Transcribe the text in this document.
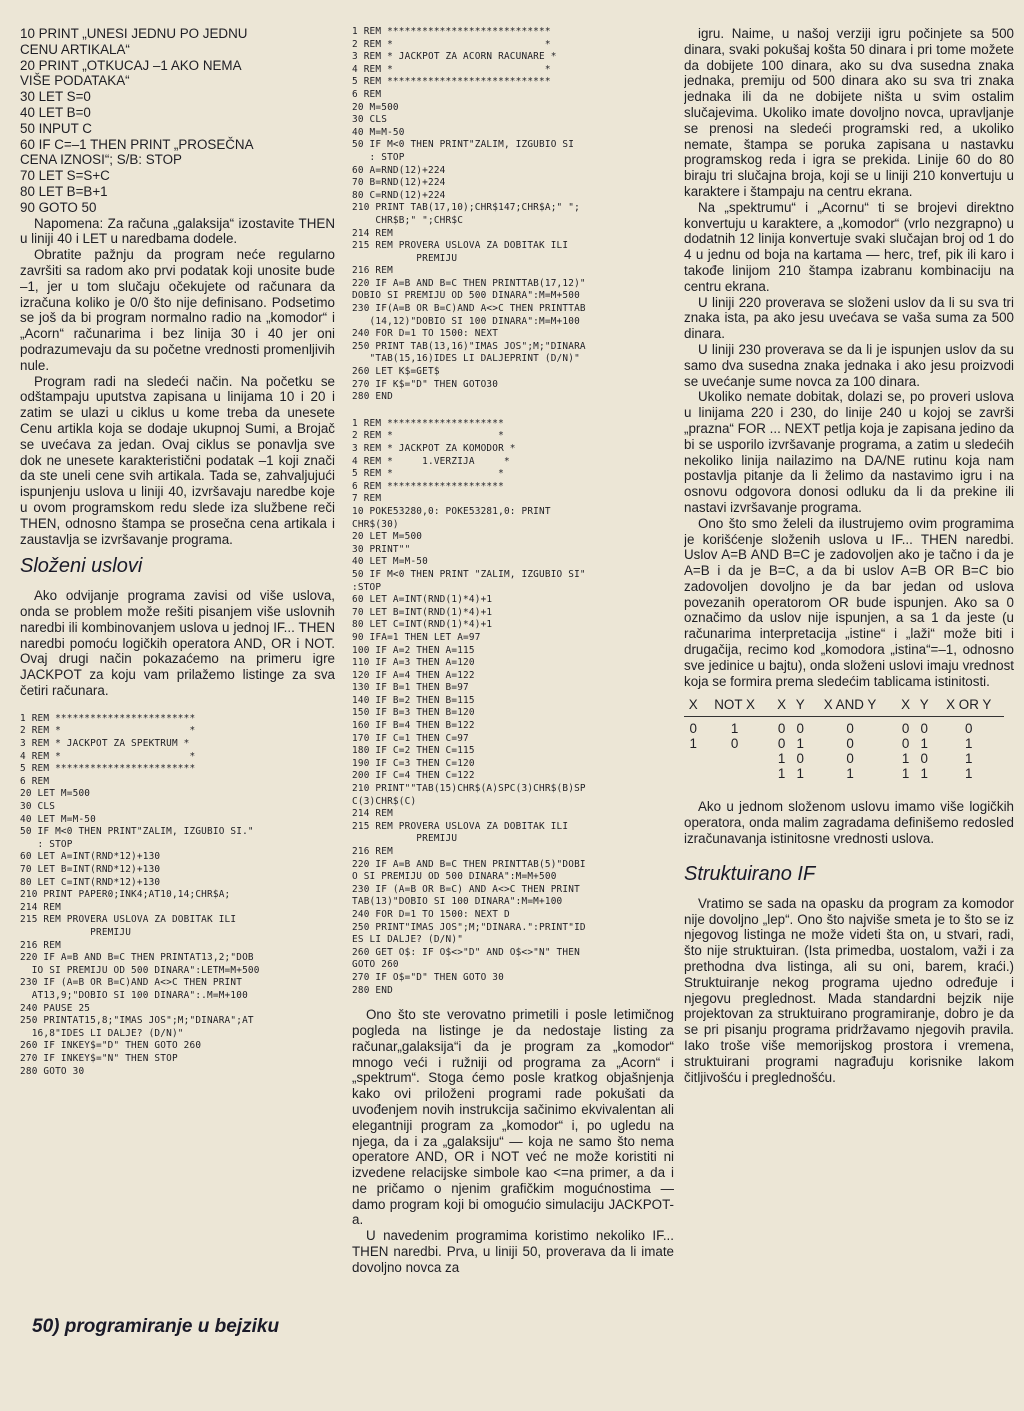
10 PRINT „UNESI JEDNU PO JEDNU
CENU ARTIKALA“
20 PRINT „OTKUCAJ –1 AKO NEMA
VIŠE PODATAKA“
30 LET S=0
40 LET B=0
50 INPUT C
60 IF C=–1 THEN PRINT „PROSEČNA
CENA IZNOSI“; S/B: STOP
70 LET S=S+C
80 LET B=B+1
90 GOTO 50

Napomena: Za računa „galaksija“ izostavite THEN u liniji 40 i LET u naredbama dodele.

Obratite pažnju da program neće regularno završiti sa radom ako prvi podatak koji unosite bude –1, jer u tom slučaju očekujete od računara da izračuna koliko je 0/0 što nije definisano. Podsetimo se još da bi program normalno radio na „komodor“ i „Acorn“ računarima i bez linija 30 i 40 jer oni podrazumevaju da su početne vrednosti promenljivih nule.

Program radi na sledeći način. Na početku se odštampaju uputstva zapisana u linijama 10 i 20 i zatim se ulazi u ciklus u kome treba da unesete Cenu artikla koja se dodaje ukupnoj Sumi, a Brojač se uvećava za jedan. Ovaj ciklus se ponavlja sve dok ne unesete karakteristični podatak –1 koji znači da ste uneli cene svih artikala. Tada se, zahvaljujući ispunjenju uslova u liniji 40, izvršavaju naredbe koje u ovom programskom redu slede iza službene reči THEN, odnosno štampa se prosečna cena artikala i zaustavlja se izvršavanje programa.

Složeni uslovi

Ako odvijanje programa zavisi od više uslova, onda se problem može rešiti pisanjem više uslovnih naredbi ili kombinovanjem uslova u jednoj IF... THEN naredbi pomoću logičkih operatora AND, OR i NOT. Ovaj drugi način pokazaćemo na primeru igre JACKPOT za koju vam prilažemo listinge za sva četiri računara.

1 REM ************************
2 REM *                      *
3 REM * JACKPOT ZA SPEKTRUM *
4 REM *                      *
5 REM ************************
6 REM
20 LET M=500
30 CLS
40 LET M=M-50
50 IF M<0 THEN PRINT"ZALIM, IZGUBIO SI."
: STOP
60 LET A=INT(RND*12)+130
70 LET B=INT(RND*12)+130
80 LET C=INT(RND*12)+130
210 PRINT PAPER0;INK4;AT10,14;CHR$A;
214 REM
215 REM PROVERA USLOVA ZA DOBITAK ILI
PREMIJU
216 REM
220 IF A=B AND B=C THEN PRINTAT13,2;"DOB
IO SI PREMIJU OD 500 DINARA":LETM=M+500
230 IF (A=B OR B=C)AND A<>C THEN PRINT
AT13,9;"DOBIO SI 100 DINARA":.M=M+100
240 PAUSE 25
250 PRINTAT15,8;"IMAS JOS";M;"DINARA";AT
16,8"IDES LI DALJE? (D/N)"
260 IF INKEY$="D" THEN GOTO 260
270 IF INKEY$="N" THEN STOP
280 GOTO 30
1 REM ****************************
2 REM *                          *
3 REM * JACKPOT ZA ACORN RACUNARE *
4 REM *                          *
5 REM ****************************
6 REM
20 M=500
30 CLS
40 M=M-50
50 IF M<0 THEN PRINT"ZALIM, IZGUBIO SI
: STOP
60 A=RND(12)+224
70 B=RND(12)+224
80 C=RND(12)+224
210 PRINT TAB(17,10);CHR$147;CHR$A;" ";
CHR$B;" ";CHR$C
214 REM
215 REM PROVERA USLOVA ZA DOBITAK ILI
PREMIJU
216 REM
220 IF A=B AND B=C THEN PRINTTAB(17,12)"
DOBIO SI PREMIJU OD 500 DINARA":M=M+500
230 IF(A=B OR B=C)AND A<>C THEN PRINTTAB
(14,12)"DOBIO SI 100 DINARA":M=M+100
240 FOR D=1 TO 1500: NEXT
250 PRINT TAB(13,16)"IMAS JOS";M;"DINARA
"TAB(15,16)IDES LI DALJEPRINT (D/N)"
260 LET K$=GET$
270 IF K$="D" THEN GOTO30
280 END
1 REM ********************
2 REM *                  *
3 REM * JACKPOT ZA KOMODOR *
4 REM *     1.VERZIJA     *
5 REM *                  *
6 REM ********************
7 REM
10 POKE53280,0: POKE53281,0: PRINT
CHR$(30)
20 LET M=500
30 PRINT""
40 LET M=M-50
50 IF M<0 THEN PRINT "ZALIM, IZGUBIO SI"
:STOP
60 LET A=INT(RND(1)*4)+1
70 LET B=INT(RND(1)*4)+1
80 LET C=INT(RND(1)*4)+1
90 IFA=1 THEN LET A=97
100 IF A=2 THEN A=115
110 IF A=3 THEN A=120
120 IF A=4 THEN A=122
130 IF B=1 THEN B=97
140 IF B=2 THEN B=115
150 IF B=3 THEN B=120
160 IF B=4 THEN B=122
170 IF C=1 THEN C=97
180 IF C=2 THEN C=115
190 IF C=3 THEN C=120
200 IF C=4 THEN C=122
210 PRINT""TAB(15)CHR$(A)SPC(3)CHR$(B)SP
C(3)CHR$(C)
214 REM
215 REM PROVERA USLOVA ZA DOBITAK ILI
PREMIJU
216 REM
220 IF A=B AND B=C THEN PRINTTAB(5)"DOBI
O SI PREMIJU OD 500 DINARA":M=M+500
230 IF (A=B OR B=C) AND A<>C THEN PRINT
TAB(13)"DOBIO SI 100 DINARA":M=M+100
240 FOR D=1 TO 1500: NEXT D
250 PRINT"IMAS JOS";M;"DINARA.":PRINT"ID
ES LI DALJE? (D/N)"
260 GET O$: IF O$<>"D" AND O$<>"N" THEN
GOTO 260
270 IF O$="D" THEN GOTO 30
280 END

Ono što ste verovatno primetili i posle letimičnog pogleda na listinge je da nedostaje listing za računar„galaksija“i da je program za „komodor“ mnogo veći i ružniji od programa za „Acorn“ i „spektrum“. Stoga ćemo posle kratkog objašnjenja kako ovi priloženi programi rade pokušati da uvođenjem novih instrukcija sačinimo ekvivalentan ali elegantniji program za „komodor“ i, po ugledu na njega, da i za „galaksiju“ — koja ne samo što nema operatore AND, OR i NOT već ne može koristiti ni izvedene relacijske simbole kao <=na primer, a da i ne pričamo o njenim grafičkim mogućnostima — damo program koji bi omogućio simulaciju JACKPOT-a.

U navedenim programima koristimo nekoliko IF... THEN naredbi. Prva, u liniji 50, proverava da li imate dovoljno novca za

igru. Naime, u našoj verziji igru počinjete sa 500 dinara, svaki pokušaj košta 50 dinara i pri tome možete da dobijete 100 dinara, ako su dva susedna znaka jednaka, premiju od 500 dinara ako su sva tri znaka jednaka ili da ne dobijete ništa u svim ostalim slučajevima. Ukoliko imate dovoljno novca, upravljanje se prenosi na sledeći programski red, a ukoliko nemate, štampa se poruka zapisana u nastavku programskog reda i igra se prekida. Linije 60 do 80 biraju tri slučajna broja, koji se u liniji 210 konvertuju u karaktere i štampaju na centru ekrana.

Na „spektrumu“ i „Acornu“ ti se brojevi direktno konvertuju u karaktere, a „komodor“ (vrlo nezgrapno) u dodatnih 12 linija konvertuje svaki slučajan broj od 1 do 4 u jednu od boja na kartama — herc, tref, pik ili karo i takođe linijom 210 štampa izabranu kombinaciju na centru ekrana.

U liniji 220 proverava se složeni uslov da li su sva tri znaka ista, pa ako jesu uvećava se vaša suma za 500 dinara.

U liniji 230 proverava se da li je ispunjen uslov da su samo dva susedna znaka jednaka i ako jesu proizvodi se uvećanje sume novca za 100 dinara.

Ukoliko nemate dobitak, dolazi se, po proveri uslova u linijama 220 i 230, do linije 240 u kojoj se završi „prazna“ FOR ... NEXT petlja koja je zapisana jedino da bi se usporilo izvršavanje programa, a zatim u sledećih nekoliko linija nailazimo na DA/NE rutinu koja nam postavlja pitanje da li želimo da nastavimo igru i na osnovu odgovora donosi odluku da li da prekine ili nastavi izvršavanje programa.

Ono što smo želeli da ilustrujemo ovim programima je korišćenje složenih uslova u IF... THEN naredbi. Uslov A=B AND B=C je zadovoljen ako je tačno i da je A=B i da je B=C, a da bi uslov A=B OR B=C bio zadovoljen dovoljno je da bar jedan od uslova povezanih operatorom OR bude ispunjen. Ako sa 0 označimo da uslov nije ispunjen, a sa 1 da jeste (u računarima interpretacija „istine“ i „laži“ može biti i drugačija, recimo kod „komodora „istina“=–1, odnosno sve jedinice u bajtu), onda složeni uslovi imaju vrednost koja se formira prema sledećim tablicama istinitosti.

X	NOT X		X	Y	X AND Y		X	Y	X OR Y
0	1		0	0	0		0	0	0
1	0		0	1	0		0	1	1
			1	0	0		1	0	1
			1	1	1		1	1	1

Ako u jednom složenom uslovu imamo više logičkih operatora, onda malim zagradama definišemo redosled izračunavanja istinitosne vrednosti uslova.

Struktuirano IF

Vratimo se sada na opasku da program za komodor nije dovoljno „lep“. Ono što najviše smeta je to što se iz njegovog listinga ne može videti šta on, u stvari, radi, što nije struktuiran. (Ista primedba, uostalom, važi i za prethodna dva listinga, ali su oni, barem, kraći.) Struktuiranje nekog programa ujedno određuje i njegovu preglednost. Mada standardni bejzik nije projektovan za struktuirano programiranje, dobro je da se pri pisanju programa pridržavamo njegovih pravila. Iako troše više memorijskog prostora i vremena, struktuirani programi nagrađuju korisnike lakom čitljivošću i preglednošću.

50) programiranje u bejziku
